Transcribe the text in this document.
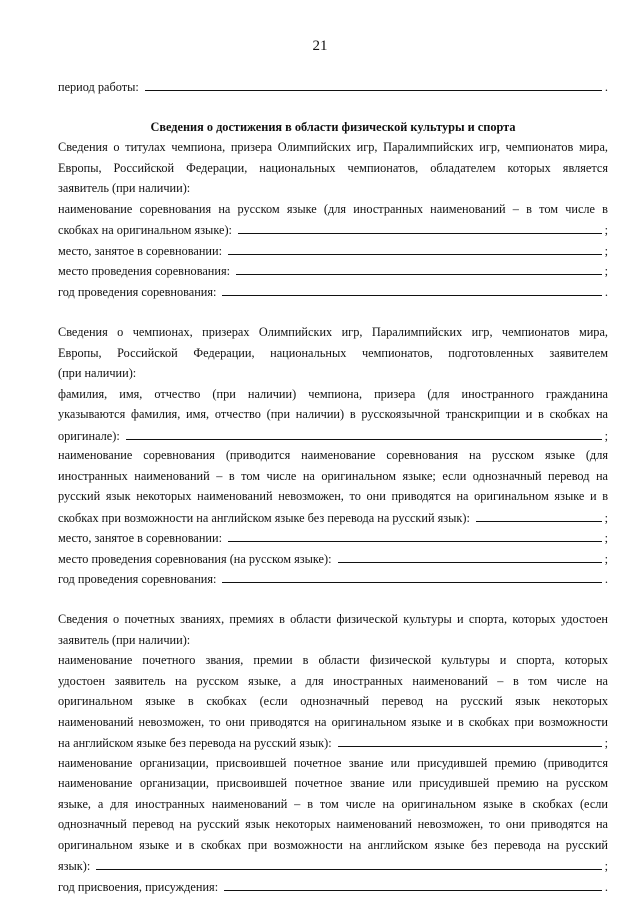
21
период работы:	.
Сведения о достижения в области физической культуры и спорта
Сведения о титулах чемпиона, призера Олимпийских игр, Паралимпийских игр, чемпионатов мира,
Европы, Российской Федерации, национальных чемпионатов, обладателем которых является
заявитель (при наличии):
наименование соревнования на русском языке (для иностранных наименований – в том числе в
скобках на оригинальном языке):	;
место, занятое в соревновании:	;
место проведения соревнования:	;
год проведения соревнования:	.
Сведения о чемпионах, призерах Олимпийских игр, Паралимпийских игр, чемпионатов мира,
Европы, Российской Федерации, национальных чемпионатов, подготовленных заявителем
(при наличии):
фамилия, имя, отчество (при наличии) чемпиона, призера (для иностранного гражданина
указываются фамилия, имя, отчество (при наличии) в русскоязычной транскрипции и в скобках на
оригинале):	;
наименование соревнования (приводится наименование соревнования на русском языке (для
иностранных наименований – в том числе на оригинальном языке; если однозначный перевод на
русский язык некоторых наименований невозможен, то они приводятся на оригинальном языке и в
скобках при возможности на английском языке без перевода на русский язык):	;
место, занятое в соревновании:	;
место проведения соревнования (на русском языке):	;
год проведения соревнования:	.
Сведения о почетных званиях, премиях в области физической культуры и спорта, которых удостоен
заявитель (при наличии):
наименование почетного звания, премии в области физической культуры и спорта, которых
удостоен заявитель на русском языке, а для иностранных наименований – в том числе на
оригинальном языке в скобках (если однозначный перевод на русский язык некоторых
наименований невозможен, то они приводятся на оригинальном языке и в скобках при возможности
на английском языке без перевода на русский язык):	;
наименование организации, присвоившей почетное звание или присудившей премию (приводится
наименование организации, присвоившей почетное звание или присудившей премию на русском
языке, а для иностранных наименований – в том числе на оригинальном языке в скобках (если
однозначный перевод на русский язык некоторых наименований невозможен, то они приводятся на
оригинальном языке и в скобках при возможности на английском языке без перевода на русский
язык):	;
год присвоения, присуждения:	.
